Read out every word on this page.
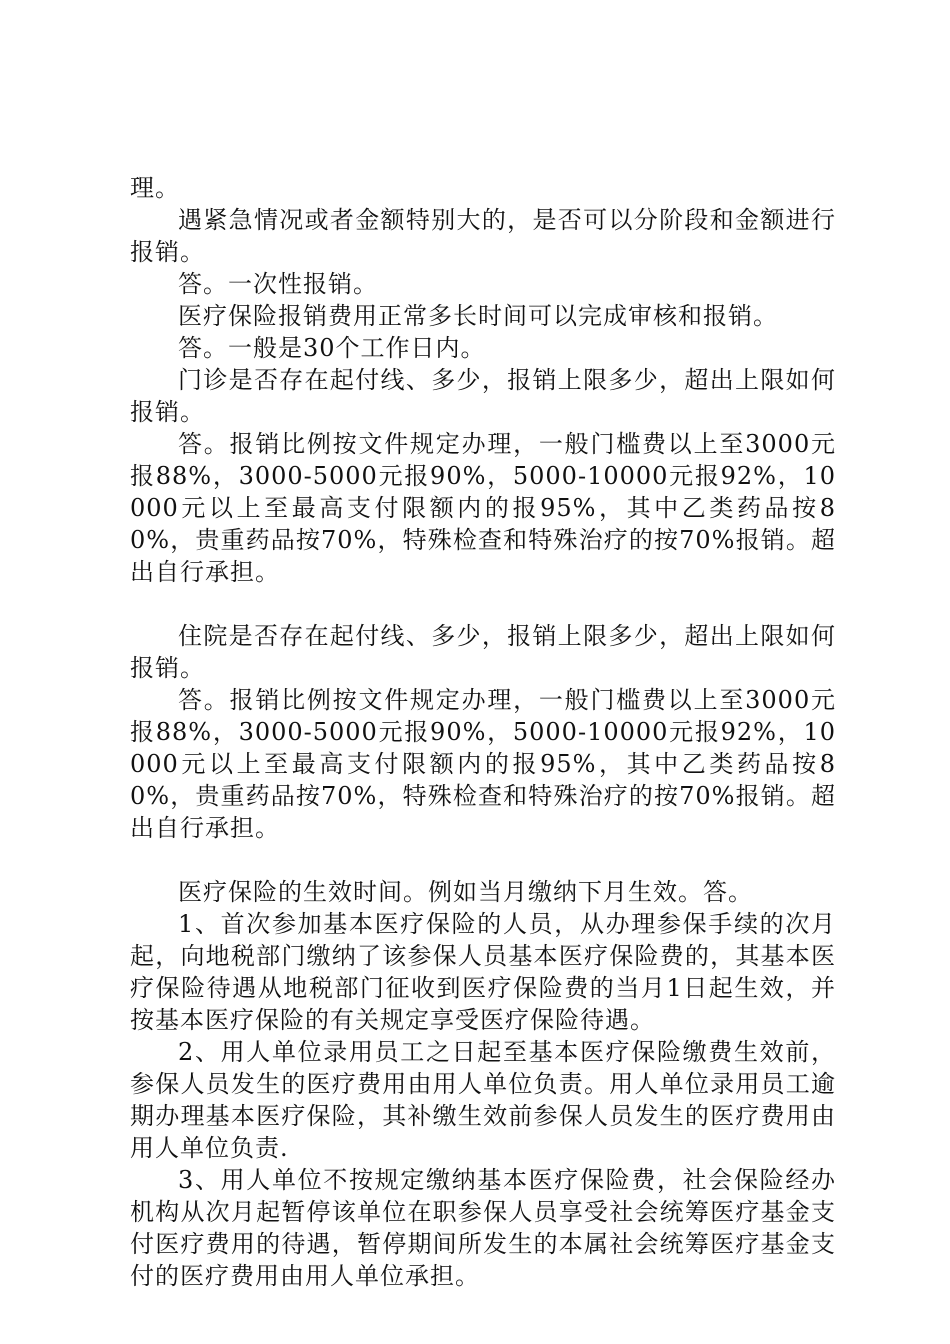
理。

遇紧急情况或者金额特别大的，是否可以分阶段和金额进行报销。

答。一次性报销。

医疗保险报销费用正常多长时间可以完成审核和报销。

答。一般是30个工作日内。

门诊是否存在起付线、多少，报销上限多少，超出上限如何报销。

答。报销比例按文件规定办理，一般门槛费以上至3000元报88%，3000-5000元报90%，5000-10000元报92%，10000元以上至最高支付限额内的报95%，其中乙类药品按80%，贵重药品按70%，特殊检查和特殊治疗的按70%报销。超出自行承担。

住院是否存在起付线、多少，报销上限多少，超出上限如何报销。

答。报销比例按文件规定办理，一般门槛费以上至3000元报88%，3000-5000元报90%，5000-10000元报92%，10000元以上至最高支付限额内的报95%，其中乙类药品按80%，贵重药品按70%，特殊检查和特殊治疗的按70%报销。超出自行承担。

医疗保险的生效时间。例如当月缴纳下月生效。答。

1、首次参加基本医疗保险的人员，从办理参保手续的次月起，向地税部门缴纳了该参保人员基本医疗保险费的，其基本医疗保险待遇从地税部门征收到医疗保险费的当月1日起生效，并按基本医疗保险的有关规定享受医疗保险待遇。

2、用人单位录用员工之日起至基本医疗保险缴费生效前，参保人员发生的医疗费用由用人单位负责。用人单位录用员工逾期办理基本医疗保险，其补缴生效前参保人员发生的医疗费用由用人单位负责.

3、用人单位不按规定缴纳基本医疗保险费，社会保险经办机构从次月起暂停该单位在职参保人员享受社会统筹医疗基金支付医疗费用的待遇，暂停期间所发生的本属社会统筹医疗基金支付的医疗费用由用人单位承担。
